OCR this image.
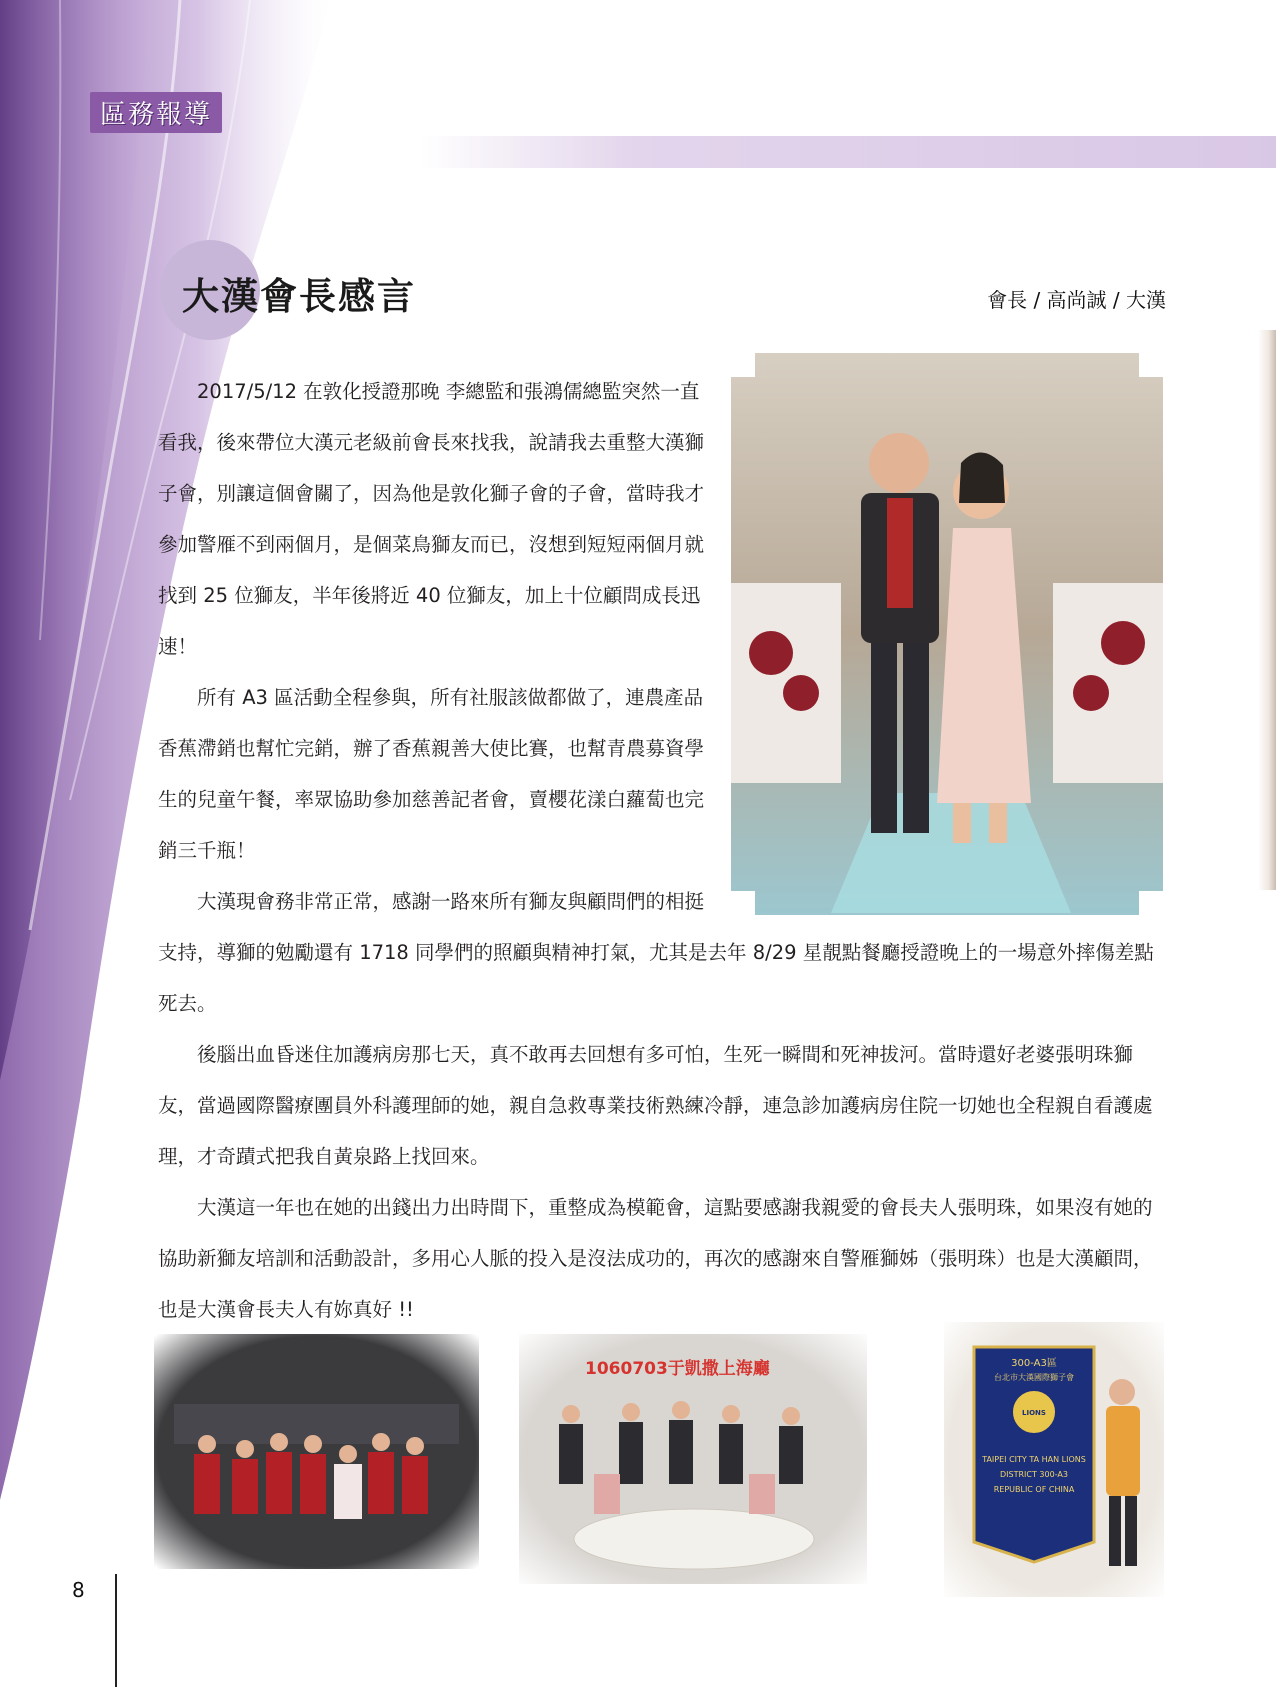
區務報導
大漢會長感言	會長 / 高尚誠 / 大漢

2017/5/12 在敦化授證那晚 李總監和張鴻儒總監突然一直看我，後來帶位大漢元老級前會長來找我，說請我去重整大漢獅子會，別讓這個會關了，因為他是敦化獅子會的子會，當時我才參加警雁不到兩個月，是個菜鳥獅友而已，沒想到短短兩個月就找到 25 位獅友，半年後將近 40 位獅友，加上十位顧問成長迅速！

所有 A3 區活動全程參與，所有社服該做都做了，連農產品香蕉滯銷也幫忙完銷，辦了香蕉親善大使比賽，也幫青農募資學生的兒童午餐，率眾協助參加慈善記者會，賣櫻花漾白蘿蔔也完銷三千瓶！

大漢現會務非常正常，感謝一路來所有獅友與顧問們的相挺支持，導獅的勉勵還有 1718 同學們的照顧與精神打氣，尤其是去年 8/29 星靚點餐廳授證晚上的一場意外摔傷差點死去。

後腦出血昏迷住加護病房那七天，真不敢再去回想有多可怕，生死一瞬間和死神拔河。當時還好老婆張明珠獅友，當過國際醫療團員外科護理師的她，親自急救專業技術熟練冷靜，連急診加護病房住院一切她也全程親自看護處理，才奇蹟式把我自黃泉路上找回來。

大漢這一年也在她的出錢出力出時間下，重整成為模範會，這點要感謝我親愛的會長夫人張明珠，如果沒有她的協助新獅友培訓和活動設計，多用心人脈的投入是沒法成功的，再次的感謝來自警雁獅姊（張明珠）也是大漢顧問，也是大漢會長夫人有妳真好 !!

1060703于凱撒上海廳	300-A3區
台北市大漢國際獅子會
LIONS
TAIPEI CITY TA HAN LIONS
DISTRICT 300-A3
REPUBLIC OF CHINA
8
